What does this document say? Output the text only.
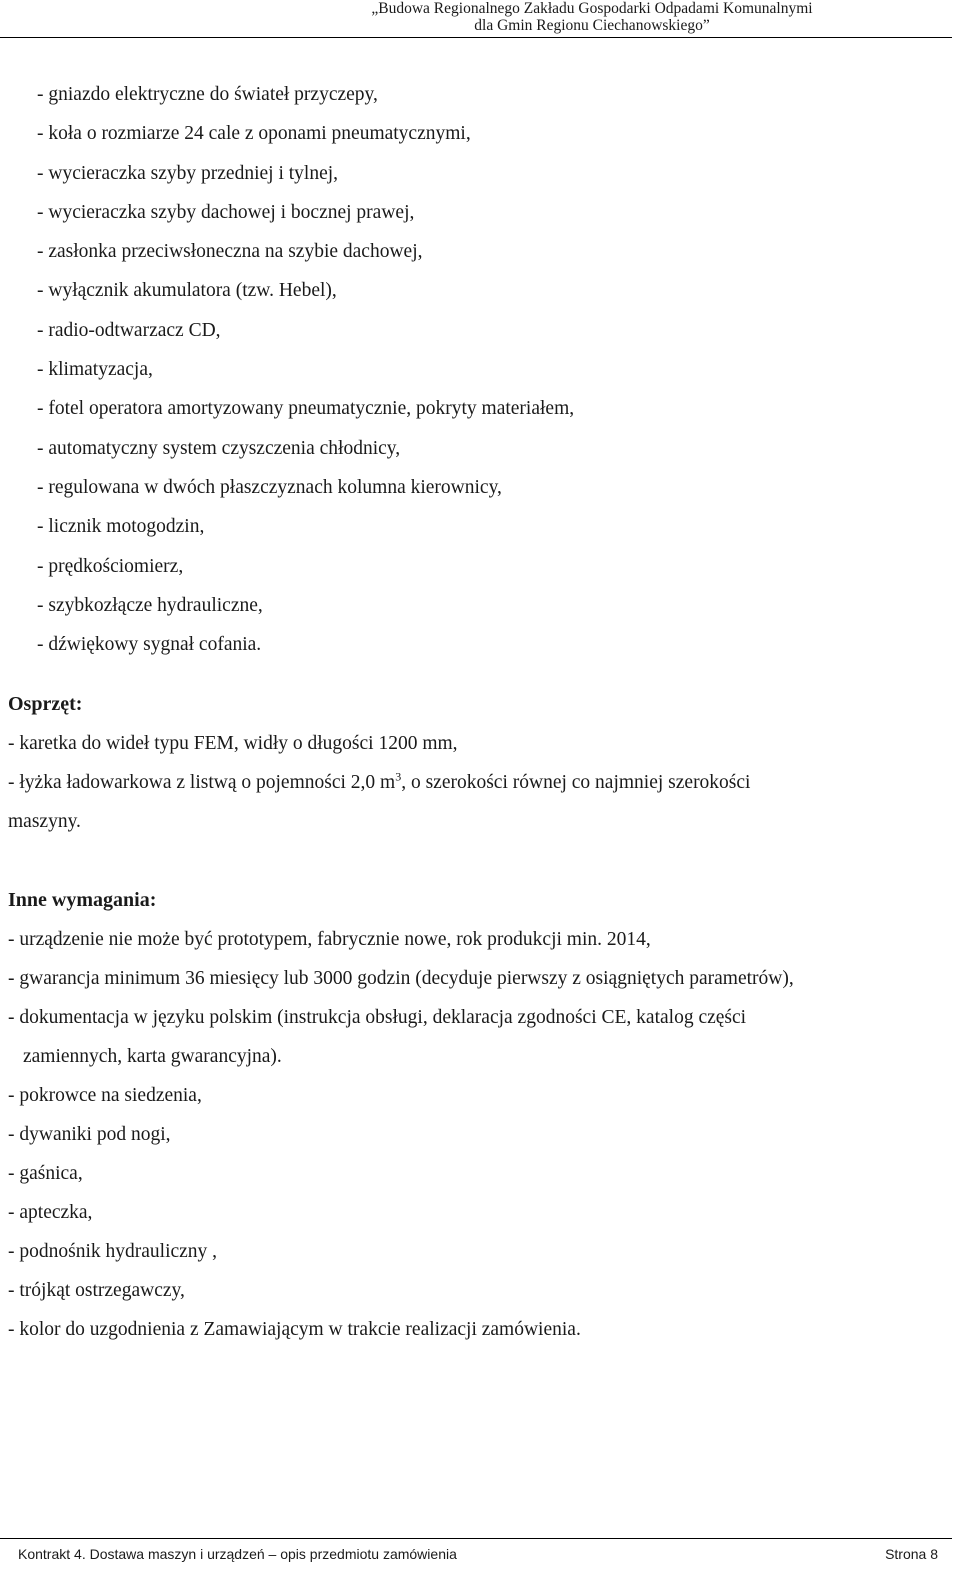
„Budowa Regionalnego Zakładu Gospodarki Odpadami Komunalnymi
dla Gmin Regionu Ciechanowskiego”
- gniazdo elektryczne do świateł przyczepy,
- koła o rozmiarze 24 cale z oponami pneumatycznymi,
- wycieraczka szyby przedniej i tylnej,
- wycieraczka szyby dachowej i bocznej prawej,
- zasłonka przeciwsłoneczna na szybie dachowej,
- wyłącznik akumulatora (tzw. Hebel),
- radio-odtwarzacz CD,
- klimatyzacja,
- fotel operatora amortyzowany pneumatycznie, pokryty materiałem,
- automatyczny system czyszczenia chłodnicy,
- regulowana w dwóch płaszczyznach kolumna kierownicy,
- licznik motogodzin,
- prędkościomierz,
- szybkozłącze hydrauliczne,
- dźwiękowy sygnał cofania.
Osprzęt:
- karetka do wideł typu FEM, widły o długości 1200 mm,
- łyżka ładowarkowa z listwą o pojemności 2,0 $m^3$, o szerokości równej co najmniej szerokości
maszyny.
Inne wymagania:
- urządzenie nie może być prototypem, fabrycznie nowe, rok produkcji min. 2014,
- gwarancja minimum 36 miesięcy lub 3000 godzin (decyduje pierwszy z osiągniętych parametrów),
- dokumentacja w języku polskim (instrukcja obsługi, deklaracja zgodności CE, katalog części
zamiennych, karta gwarancyjna).
- pokrowce na siedzenia,
- dywaniki pod nogi,
- gaśnica,
- apteczka,
- podnośnik hydrauliczny ,
- trójkąt ostrzegawczy,
- kolor do uzgodnienia z Zamawiającym w trakcie realizacji zamówienia.
Kontrakt 4. Dostawa maszyn i urządzeń – opis przedmiotu zamówienia	Strona 8
